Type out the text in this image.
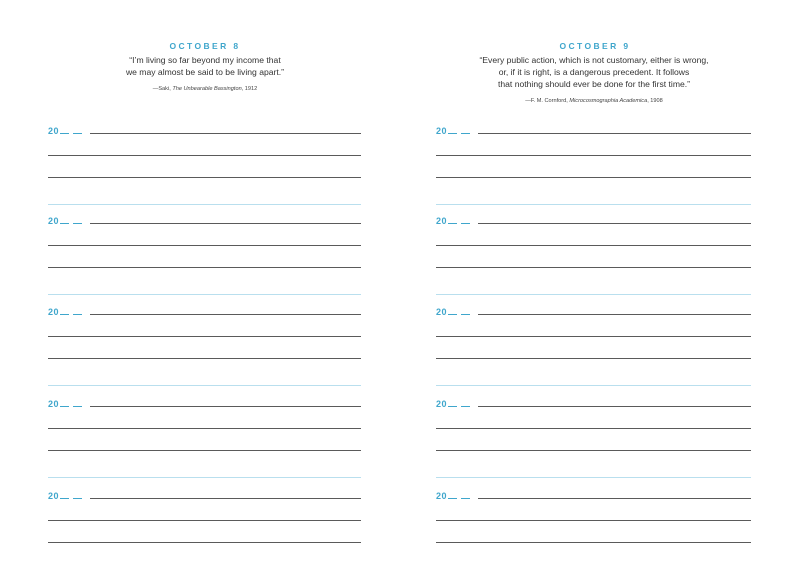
OCTOBER 8
“I’m living so far beyond my income that
we may almost be said to be living apart.”
—Saki, The Unbearable Bassington, 1912
20
20
20
20
20
OCTOBER 9
“Every public action, which is not customary, either is wrong,
or, if it is right, is a dangerous precedent. It follows
that nothing should ever be done for the first time.”
—F. M. Cornford, Microcosmographia Academica, 1908
20
20
20
20
20
